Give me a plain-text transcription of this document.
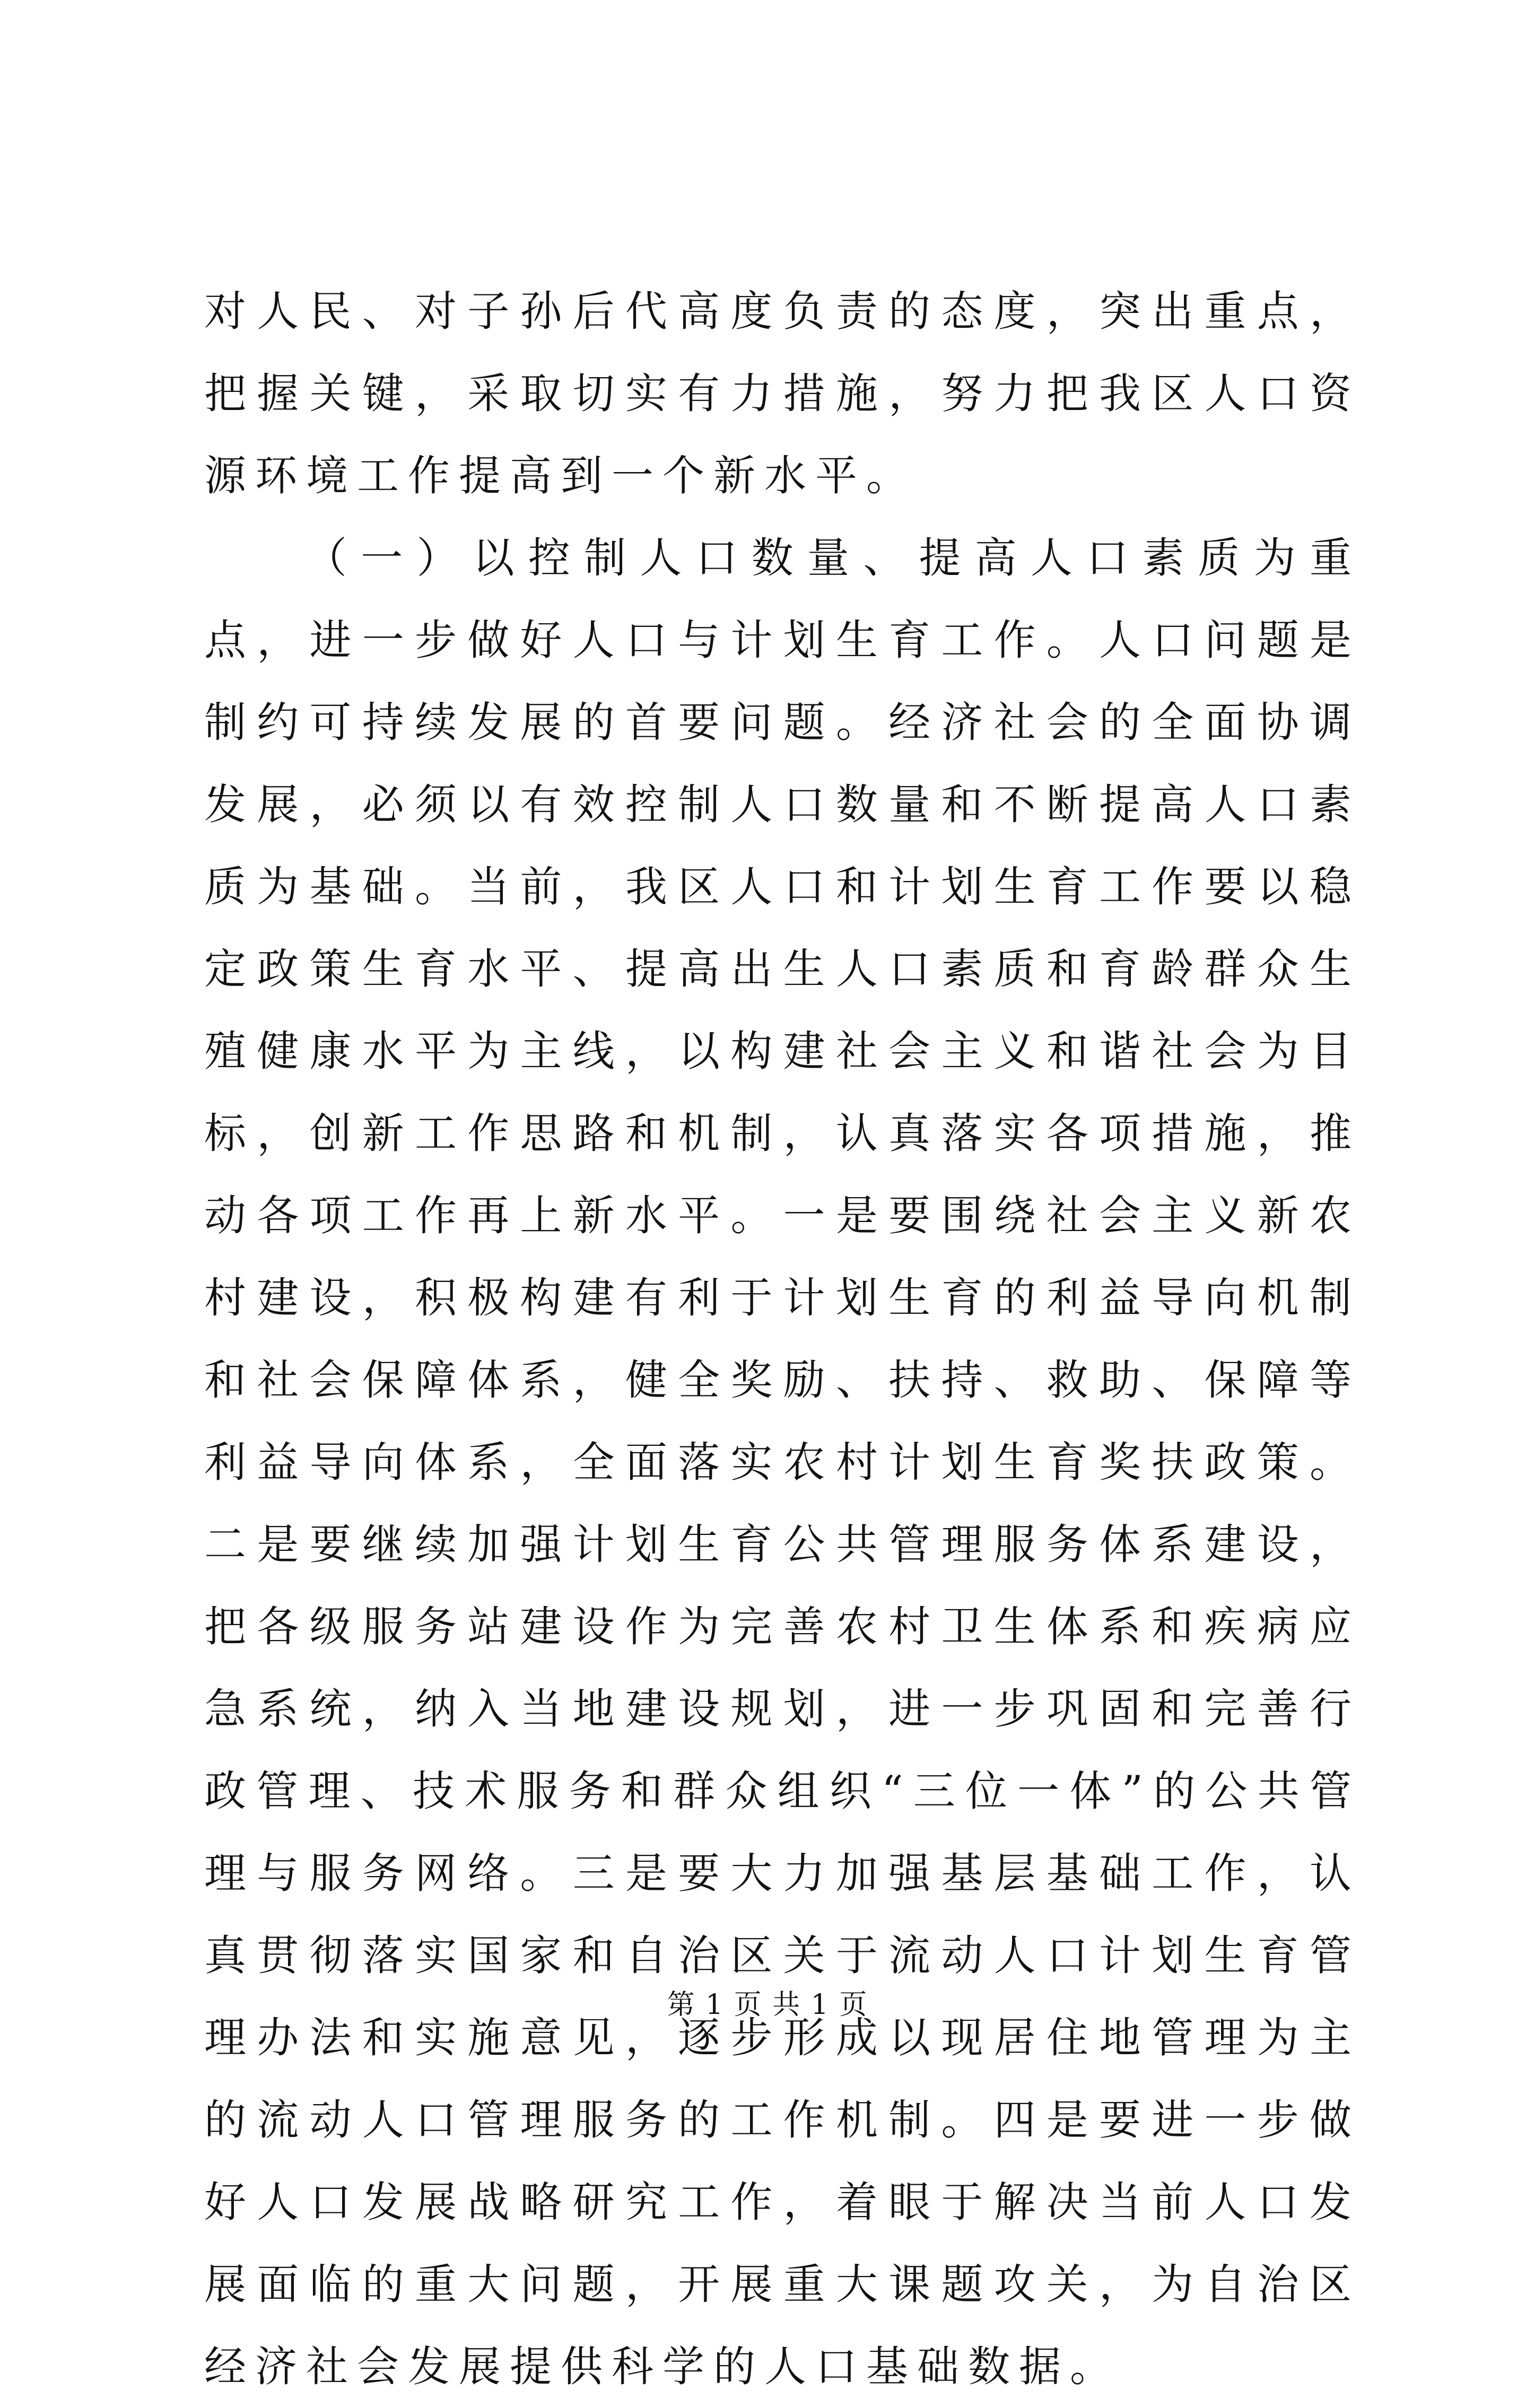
对人民、对子孙后代高度负责的态度，突出重点，把握关键，采取切实有力措施，努力把我区人口资源环境工作提高到一个新水平。

（一）以控制人口数量、提高人口素质为重点，进一步做好人口与计划生育工作。人口问题是制约可持续发展的首要问题。经济社会的全面协调发展，必须以有效控制人口数量和不断提高人口素质为基础。当前，我区人口和计划生育工作要以稳定政策生育水平、提高出生人口素质和育龄群众生殖健康水平为主线，以构建社会主义和谐社会为目标，创新工作思路和机制，认真落实各项措施，推动各项工作再上新水平。一是要围绕社会主义新农村建设，积极构建有利于计划生育的利益导向机制和社会保障体系，健全奖励、扶持、救助、保障等利益导向体系，全面落实农村计划生育奖扶政策。二是要继续加强计划生育公共管理服务体系建设，把各级服务站建设作为完善农村卫生体系和疾病应急系统，纳入当地建设规划，进一步巩固和完善行政管理、技术服务和群众组织“三位一体”的公共管理与服务网络。三是要大力加强基层基础工作，认真贯彻落实国家和自治区关于流动人口计划生育管理办法和实施意见，逐步形成以现居住地管理为主的流动人口管理服务的工作机制。四是要进一步做好人口发展战略研究工作，着眼于解决当前人口发展面临的重大问题，开展重大课题攻关，为自治区经济社会发展提供科学的人口基础数据。

第 1 页 共 1 页
